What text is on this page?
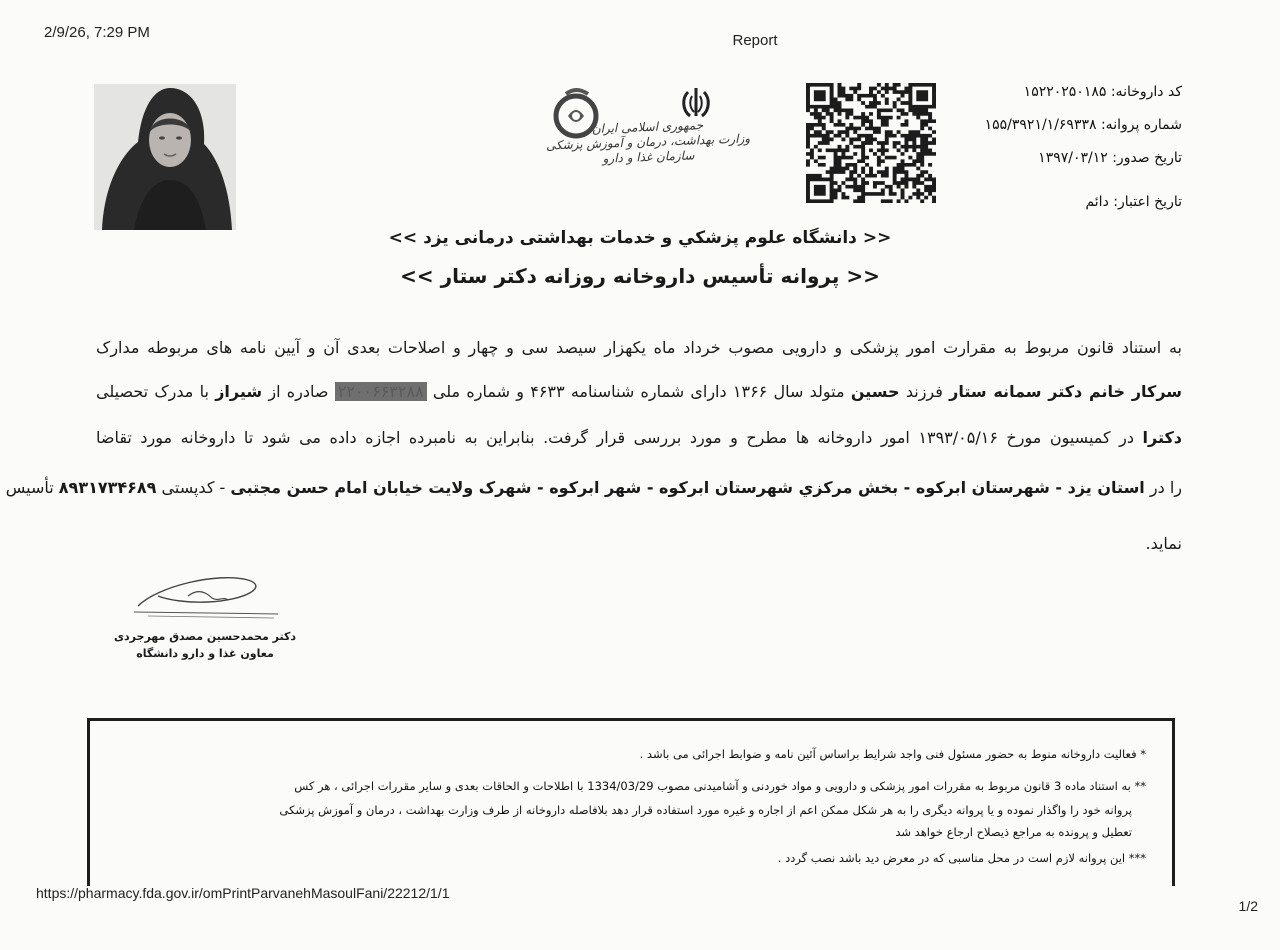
2/9/26, 7:29 PM	Report
جمهوری اسلامی ایران
وزارت بهداشت، درمان و آموزش پزشکی
سازمان غذا و دارو
کد داروخانه: ۱۵۲۲۰۲۵۰۱۸۵
شماره پروانه: ۱۵۵/۳۹۲۱/۱/۶۹۳۳۸
تاریخ صدور: ۱۳۹۷/۰۳/۱۲
تاریخ اعتبار: دائم
<< دانشگاه علوم پزشکي و خدمات بهداشتی درمانی یزد >>
<< پروانه تأسیس داروخانه روزانه دکتر ستار >>
به استناد قانون مربوط به مقرارت امور پزشکی و دارویی مصوب خرداد ماه یکهزار سیصد سی و چهار و اصلاحات بعدی آن و آیین نامه های مربوطه مدارک
سرکار خانم دکتر سمانه ستار فرزند حسین متولد سال ۱۳۶۶ دارای شماره شناسنامه ۴۶۳۳ و شماره ملی ۲۲۰۰۶۶۳۲۸۸ صادره از شیراز با مدرک تحصیلی
دکترا در کمیسیون مورخ ۱۳۹۳/۰۵/۱۶ امور داروخانه ها مطرح و مورد بررسی قرار گرفت. بنابراین به نامبرده اجازه داده می شود تا داروخانه مورد تقاضا
را در استان یزد - شهرستان ابرکوه - بخش مرکزي شهرستان ابرکوه - شهر ابرکوه - شهرک ولایت خیابان امام حسن مجتبی - کدپستی ۸۹۳۱۷۳۴۶۸۹ تأسیس
نماید.
دکتر محمدحسین مصدق مهرجردی
معاون غذا و دارو دانشگاه
* فعالیت داروخانه منوط به حضور مسئول فنی واجد شرایط براساس آئین نامه و ضوابط اجرائی می باشد .
** به استناد ماده 3 قانون مربوط به مقررات امور پزشکی و دارویی و مواد خوردنی و آشامیدنی مصوب 1334/03/29 با اطلاحات و الحاقات بعدی و سایر مقررات اجرائی ، هر کس
پروانه خود را واگذار نموده و یا پروانه دیگری را به هر شکل ممکن اعم از اجاره و غیره مورد استفاده قرار دهد بلافاصله داروخانه از طرف وزارت بهداشت ، درمان و آموزش پزشکی
تعطیل و پرونده به مراجع ذیصلاح ارجاع خواهد شد
*** این پروانه لازم است در محل مناسبی که در معرض دید باشد نصب گردد .
https://pharmacy.fda.gov.ir/omPrintParvanehMasoulFani/22212/1/1
1/2
